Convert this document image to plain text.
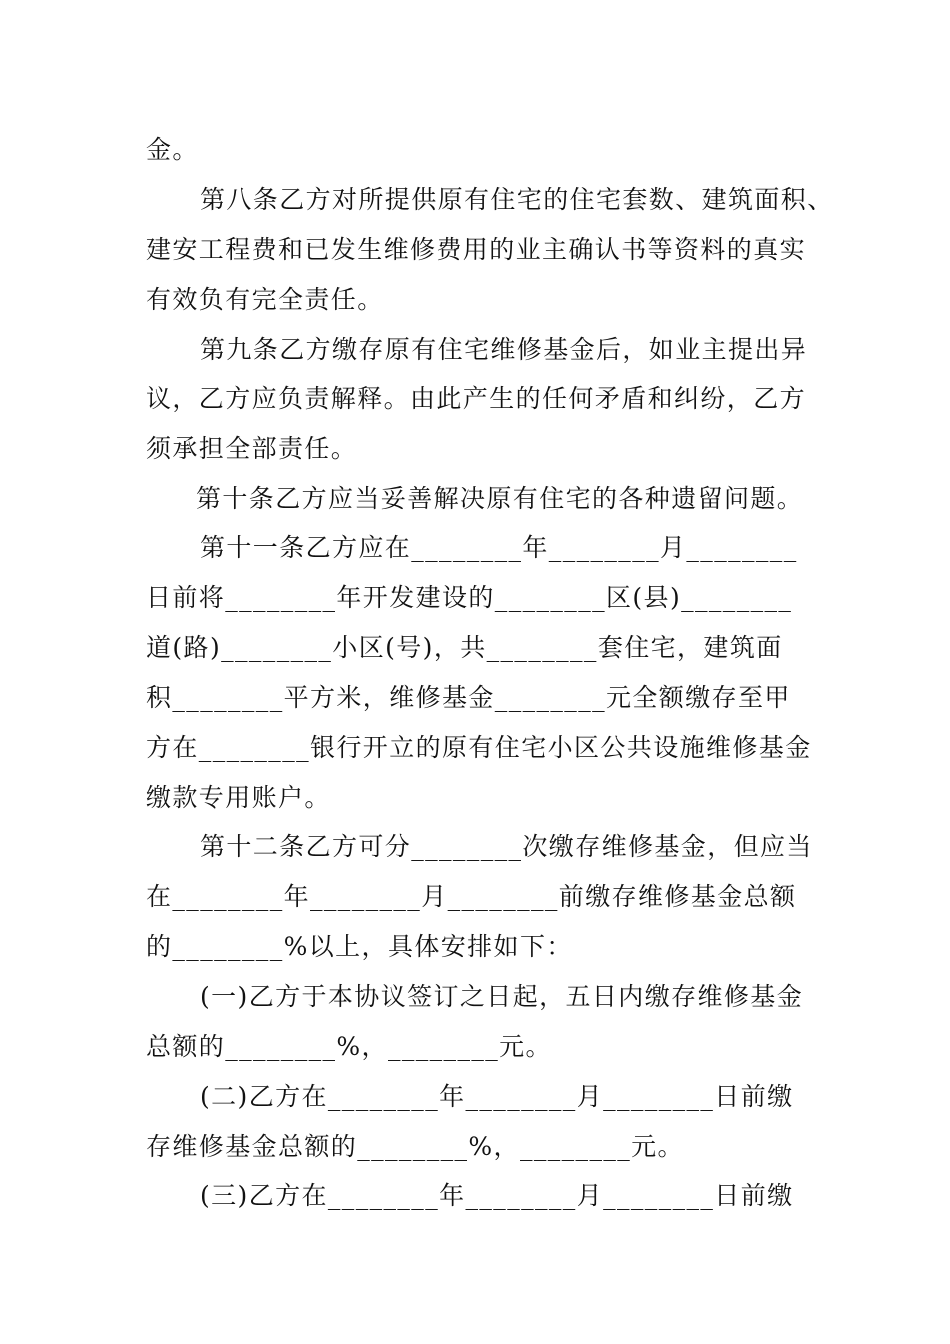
金。
第八条乙方对所提供原有住宅的住宅套数、建筑面积、
建安工程费和已发生维修费用的业主确认书等资料的真实
有效负有完全责任。
第九条乙方缴存原有住宅维修基金后，如业主提出异
议，乙方应负责解释。由此产生的任何矛盾和纠纷，乙方
须承担全部责任。
第十条乙方应当妥善解决原有住宅的各种遗留问题。
第十一条乙方应在________年________月________
日前将________年开发建设的________区(县)________
道(路)________小区(号)，共________套住宅，建筑面
积________平方米，维修基金________元全额缴存至甲
方在________银行开立的原有住宅小区公共设施维修基金
缴款专用账户。
第十二条乙方可分________次缴存维修基金，但应当
在________年________月________前缴存维修基金总额
的________%以上，具体安排如下：
(一)乙方于本协议签订之日起，五日内缴存维修基金
总额的________%，________元。
(二)乙方在________年________月________日前缴
存维修基金总额的________%，________元。
(三)乙方在________年________月________日前缴
